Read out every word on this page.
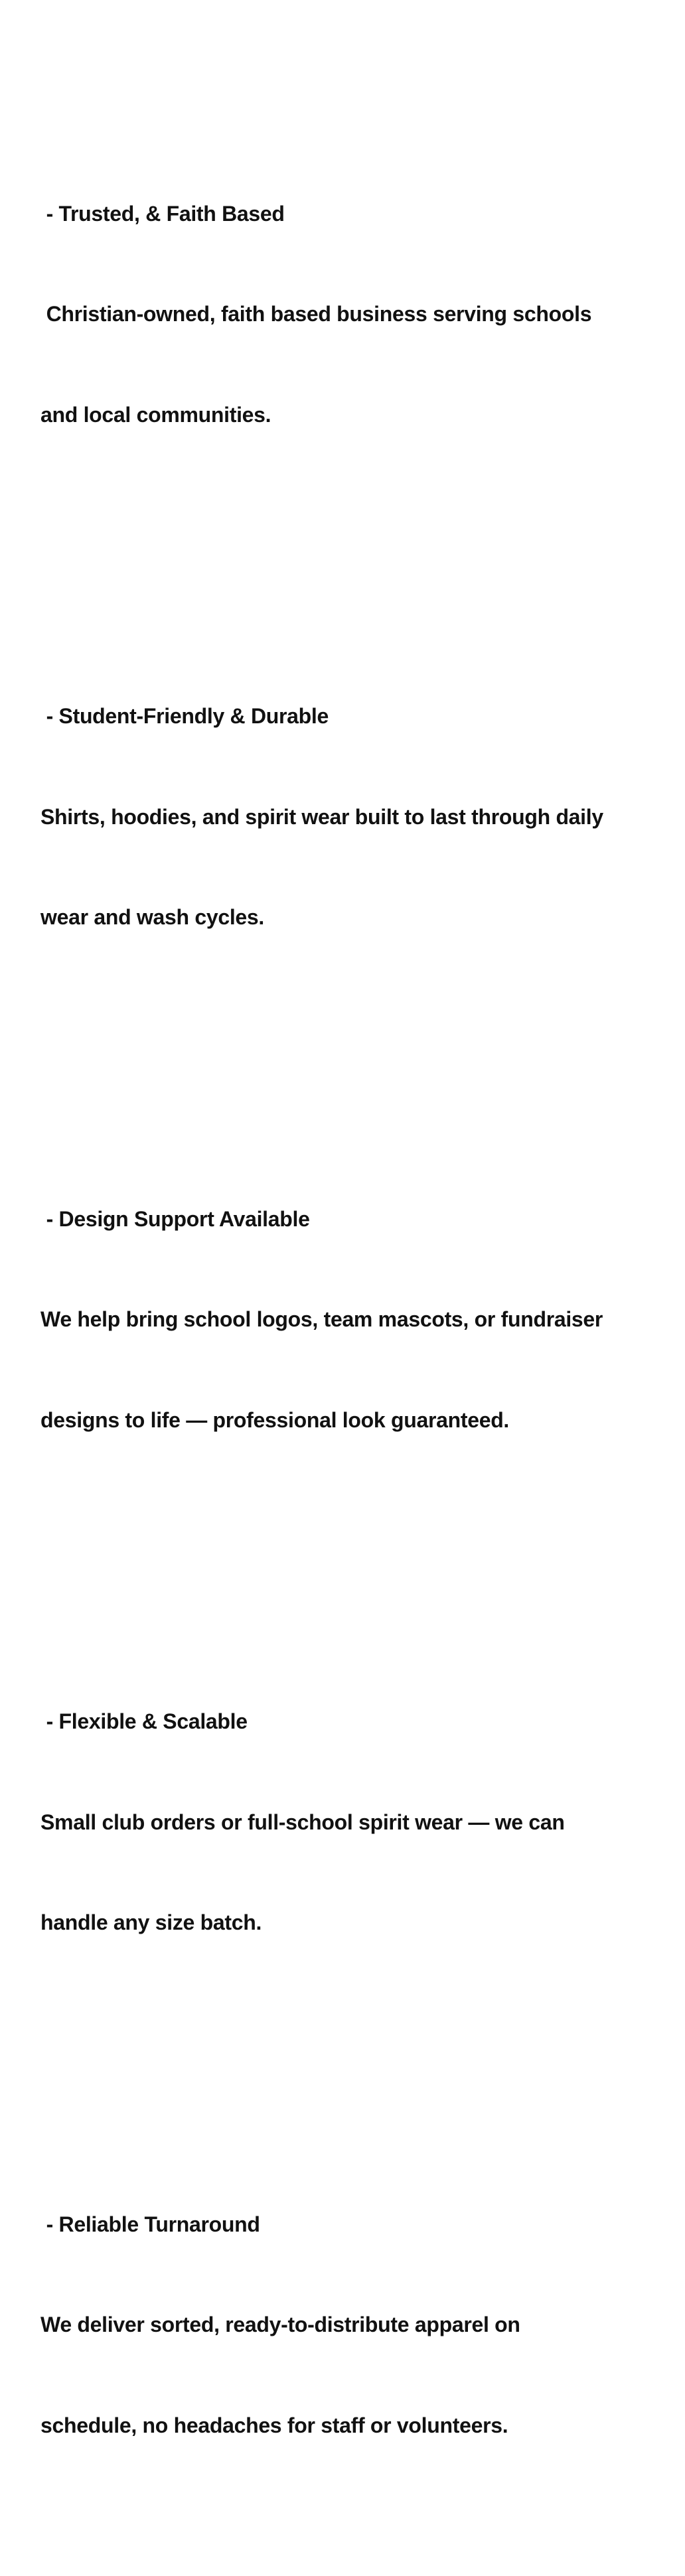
- Trusted, & Faith Based

Christian-owned, faith based business serving schools

and local communities.

- Student-Friendly & Durable

Shirts, hoodies, and spirit wear built to last through daily

wear and wash cycles.

- Design Support Available

We help bring school logos, team mascots, or fundraiser

designs to life — professional look guaranteed.

- Flexible & Scalable

Small club orders or full-school spirit wear — we can

handle any size batch.

- Reliable Turnaround

We deliver sorted, ready-to-distribute apparel on

schedule, no headaches for staff or volunteers.
